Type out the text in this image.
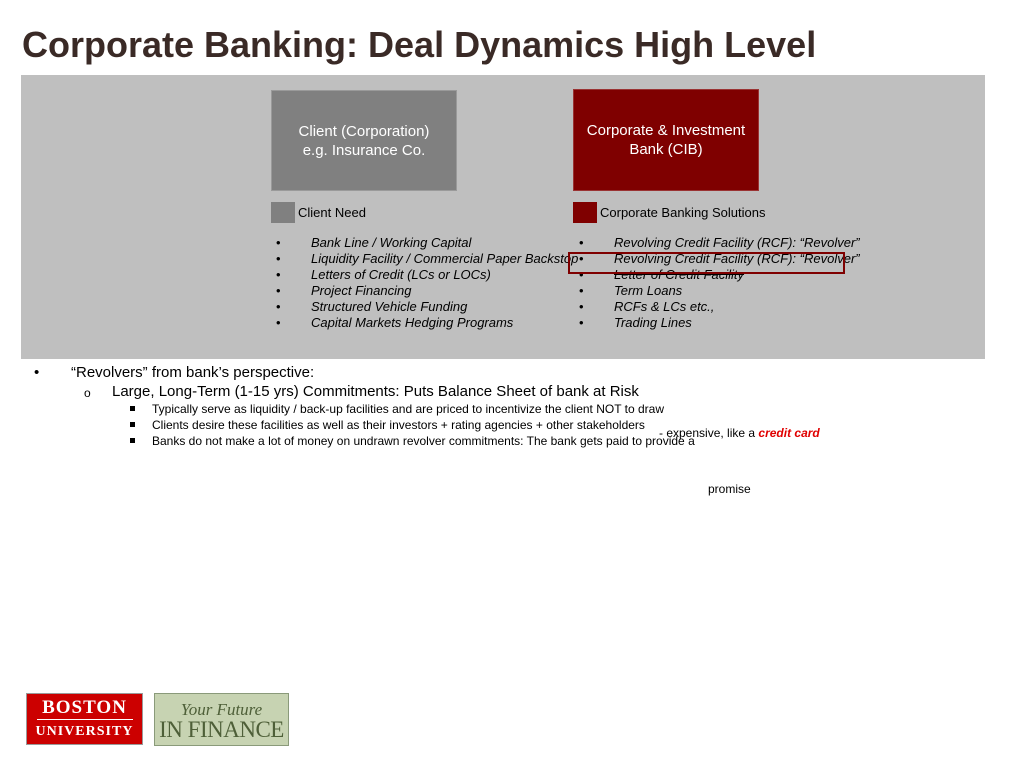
Corporate Banking: Deal Dynamics High Level
Client (Corporation)
e.g. Insurance Co.
Corporate & Investment
Bank (CIB)
Client Need	Corporate Banking Solutions
• Bank Line / Working Capital
• Liquidity Facility / Commercial Paper Backstop
• Letters of Credit (LCs or LOCs)
• Project Financing
• Structured Vehicle Funding
• Capital Markets Hedging Programs
• Revolving Credit Facility (RCF): “Revolver”
• Revolving Credit Facility (RCF): “Revolver”
• Letter of Credit Facility
• Term Loans
• RCFs & LCs etc.,
• Trading Lines
• “Revolvers” from bank’s perspective:
o Large, Long-Term (1-15 yrs) Commitments: Puts Balance Sheet of bank at Risk
Typically serve as liquidity / back-up facilities and are priced to incentivize the client NOT to draw
Clients desire these facilities as well as their investors + rating agencies + other stakeholders
Banks do not make a lot of money on undrawn revolver commitments: The bank gets paid to provide a
- expensive, like a credit card
promise
BOSTON
UNIVERSITY
Your Future
IN FINANCE
